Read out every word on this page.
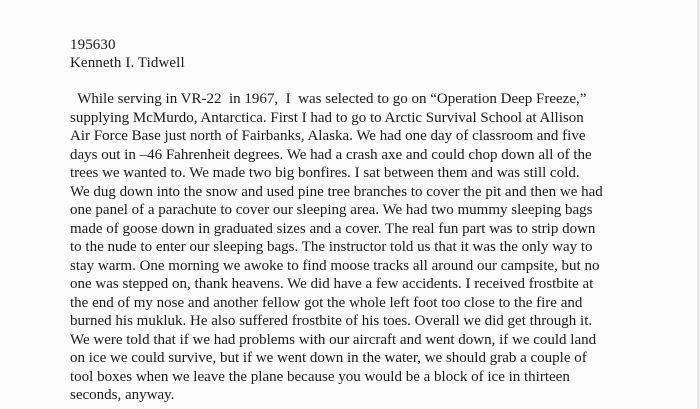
195630
Kenneth I. Tidwell
While serving in VR-22  in 1967,  I  was selected to go on “Operation Deep Freeze,”
supplying McMurdo, Antarctica. First I had to go to Arctic Survival School at Allison
Air Force Base just north of Fairbanks, Alaska. We had one day of classroom and five
days out in –46 Fahrenheit degrees. We had a crash axe and could chop down all of the
trees we wanted to. We made two big bonfires. I sat between them and was still cold.
We dug down into the snow and used pine tree branches to cover the pit and then we had
one panel of a parachute to cover our sleeping area. We had two mummy sleeping bags
made of goose down in graduated sizes and a cover. The real fun part was to strip down
to the nude to enter our sleeping bags. The instructor told us that it was the only way to
stay warm. One morning we awoke to find moose tracks all around our campsite, but no
one was stepped on, thank heavens. We did have a few accidents. I received frostbite at
the end of my nose and another fellow got the whole left foot too close to the fire and
burned his mukluk. He also suffered frostbite of his toes. Overall we did get through it.
We were told that if we had problems with our aircraft and went down, if we could land
on ice we could survive, but if we went down in the water, we should grab a couple of
tool boxes when we leave the plane because you would be a block of ice in thirteen
seconds, anyway.
